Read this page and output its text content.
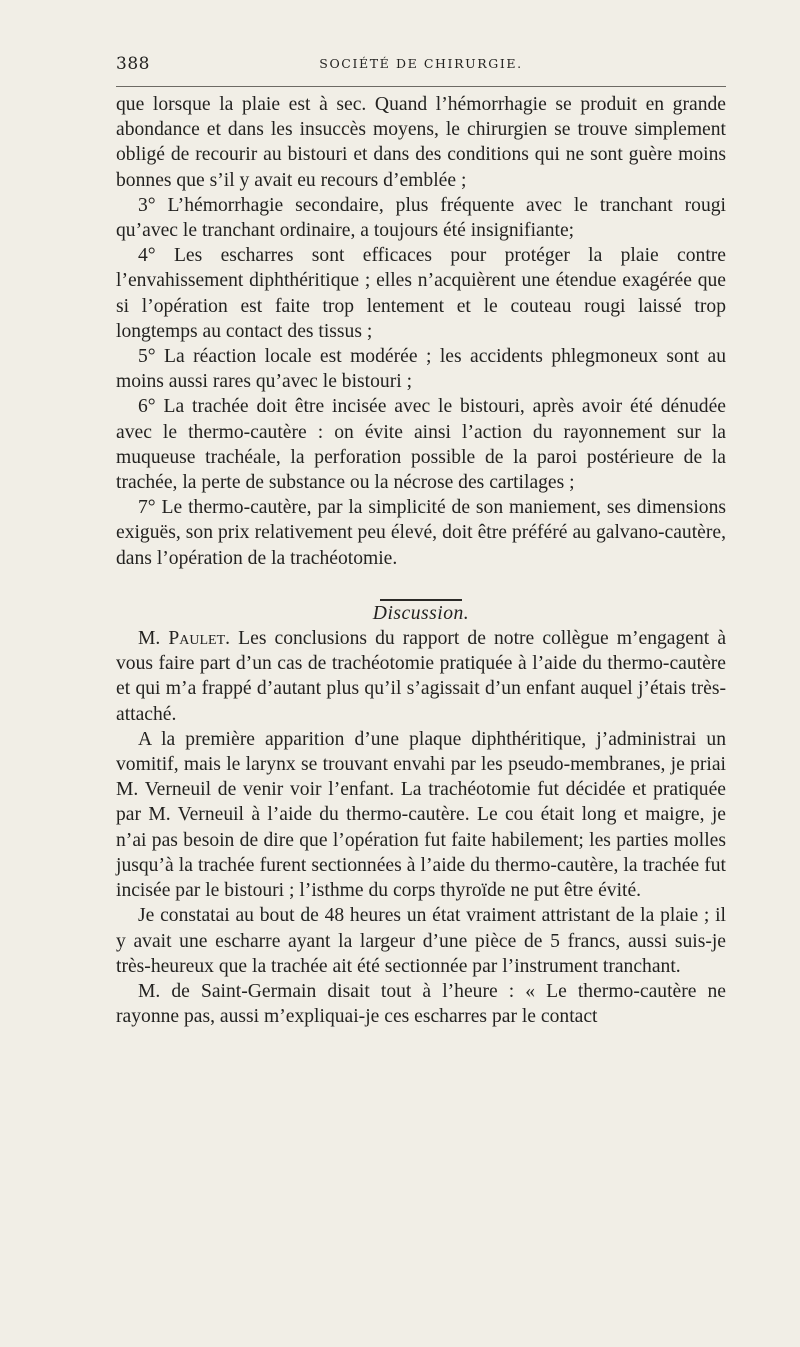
388	SOCIÉTÉ DE CHIRURGIE.

que lorsque la plaie est à sec. Quand l’hémorrhagie se produit en grande abondance et dans les insuccès moyens, le chirurgien se trouve simplement obligé de recourir au bistouri et dans des conditions qui ne sont guère moins bonnes que s’il y avait eu recours d’emblée ;

3° L’hémorrhagie secondaire, plus fréquente avec le tranchant rougi qu’avec le tranchant ordinaire, a toujours été insignifiante;

4° Les escharres sont efficaces pour protéger la plaie contre l’envahissement diphthéritique ; elles n’acquièrent une étendue exagérée que si l’opération est faite trop lentement et le couteau rougi laissé trop longtemps au contact des tissus ;

5° La réaction locale est modérée ; les accidents phlegmoneux sont au moins aussi rares qu’avec le bistouri ;

6° La trachée doit être incisée avec le bistouri, après avoir été dénudée avec le thermo-cautère : on évite ainsi l’action du rayonnement sur la muqueuse trachéale, la perforation possible de la paroi postérieure de la trachée, la perte de substance ou la nécrose des cartilages ;

7° Le thermo-cautère, par la simplicité de son maniement, ses dimensions exiguës, son prix relativement peu élevé, doit être préféré au galvano-cautère, dans l’opération de la trachéotomie.

Discussion.

M. Paulet. Les conclusions du rapport de notre collègue m’engagent à vous faire part d’un cas de trachéotomie pratiquée à l’aide du thermo-cautère et qui m’a frappé d’autant plus qu’il s’agissait d’un enfant auquel j’étais très-attaché.

A la première apparition d’une plaque diphthéritique, j’administrai un vomitif, mais le larynx se trouvant envahi par les pseudo-membranes, je priai M. Verneuil de venir voir l’enfant. La trachéotomie fut décidée et pratiquée par M. Verneuil à l’aide du thermo-cautère. Le cou était long et maigre, je n’ai pas besoin de dire que l’opération fut faite habilement; les parties molles jusqu’à la trachée furent sectionnées à l’aide du thermo-cautère, la trachée fut incisée par le bistouri ; l’isthme du corps thyroïde ne put être évité.

Je constatai au bout de 48 heures un état vraiment attristant de la plaie ; il y avait une escharre ayant la largeur d’une pièce de 5 francs, aussi suis-je très-heureux que la trachée ait été sectionnée par l’instrument tranchant.

M. de Saint-Germain disait tout à l’heure : « Le thermo-cautère ne rayonne pas, aussi m’expliquai-je ces escharres par le contact
